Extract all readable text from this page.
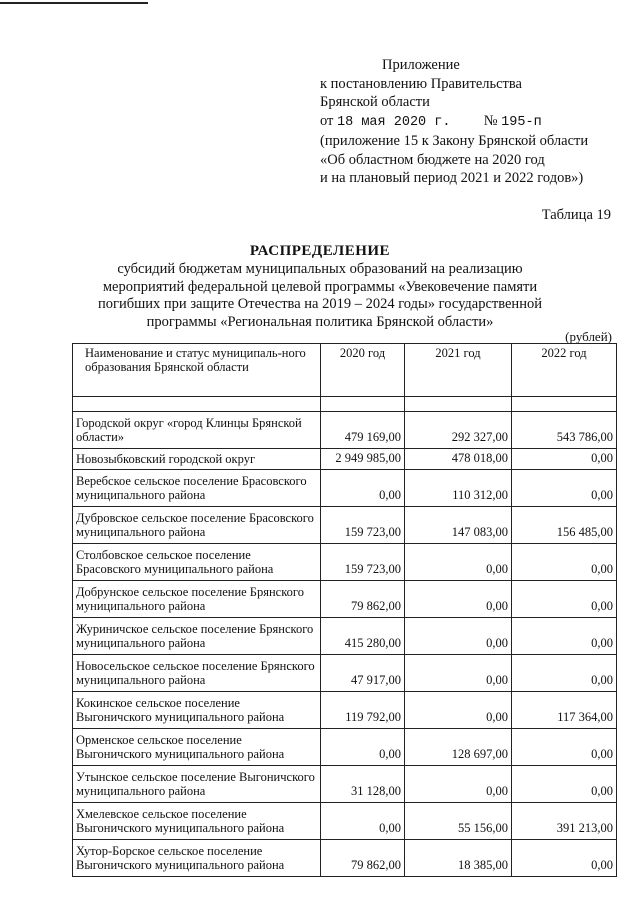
Приложение
к постановлению Правительства
Брянской области
от 18 мая 2020 г. № 195-п
(приложение 15 к Закону Брянской области
«Об областном бюджете на 2020 год
и на плановый период 2021 и 2022 годов»)
Таблица 19
РАСПРЕДЕЛЕНИЕ
субсидий бюджетам муниципальных образований на реализацию
мероприятий федеральной целевой программы «Увековечение памяти
погибших при защите Отечества на 2019 – 2024 годы» государственной
программы «Региональная политика Брянской области»
(рублей)
Наименование и статус муниципаль-ного образования Брянской области	2020 год	2021 год	2022 год

Городской округ «город Клинцы Брянской области»	479 169,00	292 327,00	543 786,00
Новозыбковский городской округ	2 949 985,00	478 018,00	0,00
Веребское сельское поселение Брасовского муниципального района	0,00	110 312,00	0,00
Дубровское сельское поселение Брасовского муниципального района	159 723,00	147 083,00	156 485,00
Столбовское сельское поселение Брасовского муниципального района	159 723,00	0,00	0,00
Добрунское сельское поселение Брянского муниципального района	79 862,00	0,00	0,00
Журиничское сельское поселение Брянского муниципального района	415 280,00	0,00	0,00
Новосельское сельское поселение Брянского муниципального района	47 917,00	0,00	0,00
Кокинское сельское поселение Выгоничского муниципального района	119 792,00	0,00	117 364,00
Орменское сельское поселение Выгоничского муниципального района	0,00	128 697,00	0,00
Утынское сельское поселение Выгоничского муниципального района	31 128,00	0,00	0,00
Хмелевское сельское поселение Выгоничского муниципального района	0,00	55 156,00	391 213,00
Хутор-Борское сельское поселение Выгоничского муниципального района	79 862,00	18 385,00	0,00
